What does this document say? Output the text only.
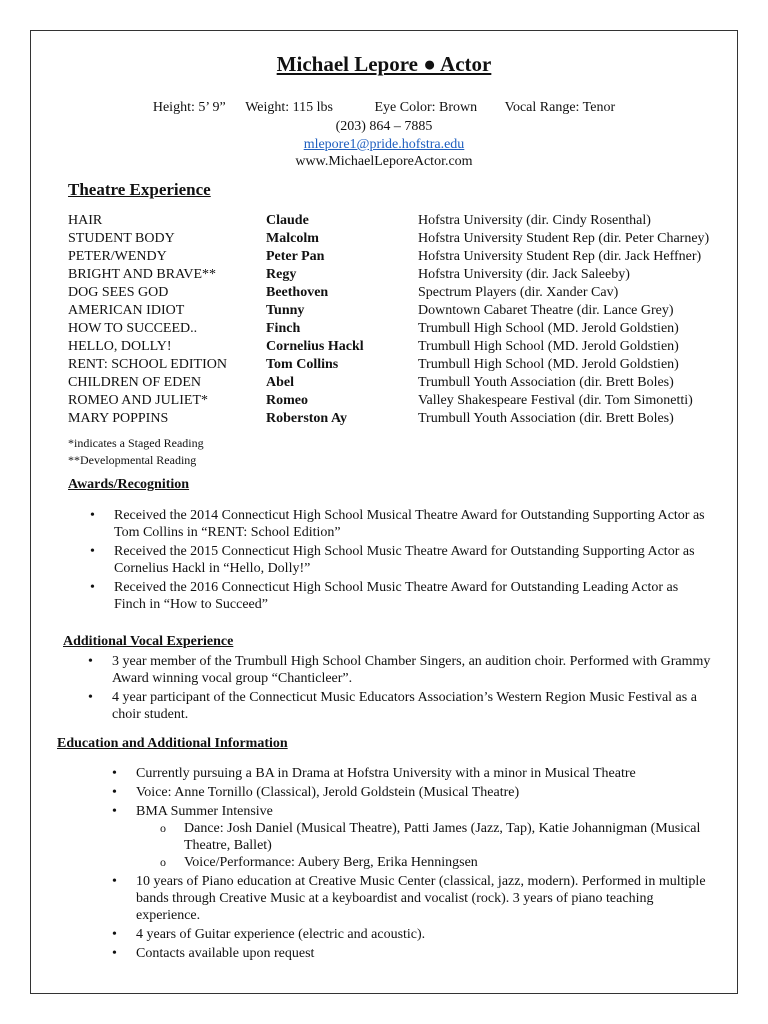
Michael Lepore ● Actor
Height: 5’ 9” Weight: 115 lbs	Eye Color: Brown Vocal Range: Tenor
(203) 864 – 7885
mlepore1@pride.hofstra.edu
www.MichaelLeporeActor.com
Theatre Experience
HAIR	Claude	Hofstra University (dir. Cindy Rosenthal)
STUDENT BODY	Malcolm	Hofstra University Student Rep (dir. Peter Charney)
PETER/WENDY	Peter Pan	Hofstra University Student Rep (dir. Jack Heffner)
BRIGHT AND BRAVE**	Regy	Hofstra University (dir. Jack Saleeby)
DOG SEES GOD	Beethoven	Spectrum Players (dir. Xander Cav)
AMERICAN IDIOT	Tunny	Downtown Cabaret Theatre (dir. Lance Grey)
HOW TO SUCCEED..	Finch	Trumbull High School (MD. Jerold Goldstien)
HELLO, DOLLY!	Cornelius Hackl	Trumbull High School (MD. Jerold Goldstien)
RENT: SCHOOL EDITION	Tom Collins	Trumbull High School (MD. Jerold Goldstien)
CHILDREN OF EDEN	Abel	Trumbull Youth Association (dir. Brett Boles)
ROMEO AND JULIET*	Romeo	Valley Shakespeare Festival (dir. Tom Simonetti)
MARY POPPINS	Roberston Ay	Trumbull Youth Association (dir. Brett Boles)
*indicates a Staged Reading
**Developmental Reading
Awards/Recognition
• Received the 2014 Connecticut High School Musical Theatre Award for Outstanding Supporting Actor as Tom Collins in “RENT: School Edition”
• Received the 2015 Connecticut High School Music Theatre Award for Outstanding Supporting Actor as Cornelius Hackl in “Hello, Dolly!”
• Received the 2016 Connecticut High School Music Theatre Award for Outstanding Leading Actor as Finch in “How to Succeed”
Additional Vocal Experience
• 3 year member of the Trumbull High School Chamber Singers, an audition choir. Performed with Grammy Award winning vocal group “Chanticleer”.
• 4 year participant of the Connecticut Music Educators Association’s Western Region Music Festival as a choir student.
Education and Additional Information
• Currently pursuing a BA in Drama at Hofstra University with a minor in Musical Theatre
• Voice: Anne Tornillo (Classical), Jerold Goldstein (Musical Theatre)
• BMA Summer Intensive
o Dance: Josh Daniel (Musical Theatre), Patti James (Jazz, Tap), Katie Johannigman (Musical Theatre, Ballet)
o Voice/Performance: Aubery Berg, Erika Henningsen
• 10 years of Piano education at Creative Music Center (classical, jazz, modern). Performed in multiple bands through Creative Music at a keyboardist and vocalist (rock). 3 years of piano teaching experience.
• 4 years of Guitar experience (electric and acoustic).
• Contacts available upon request
